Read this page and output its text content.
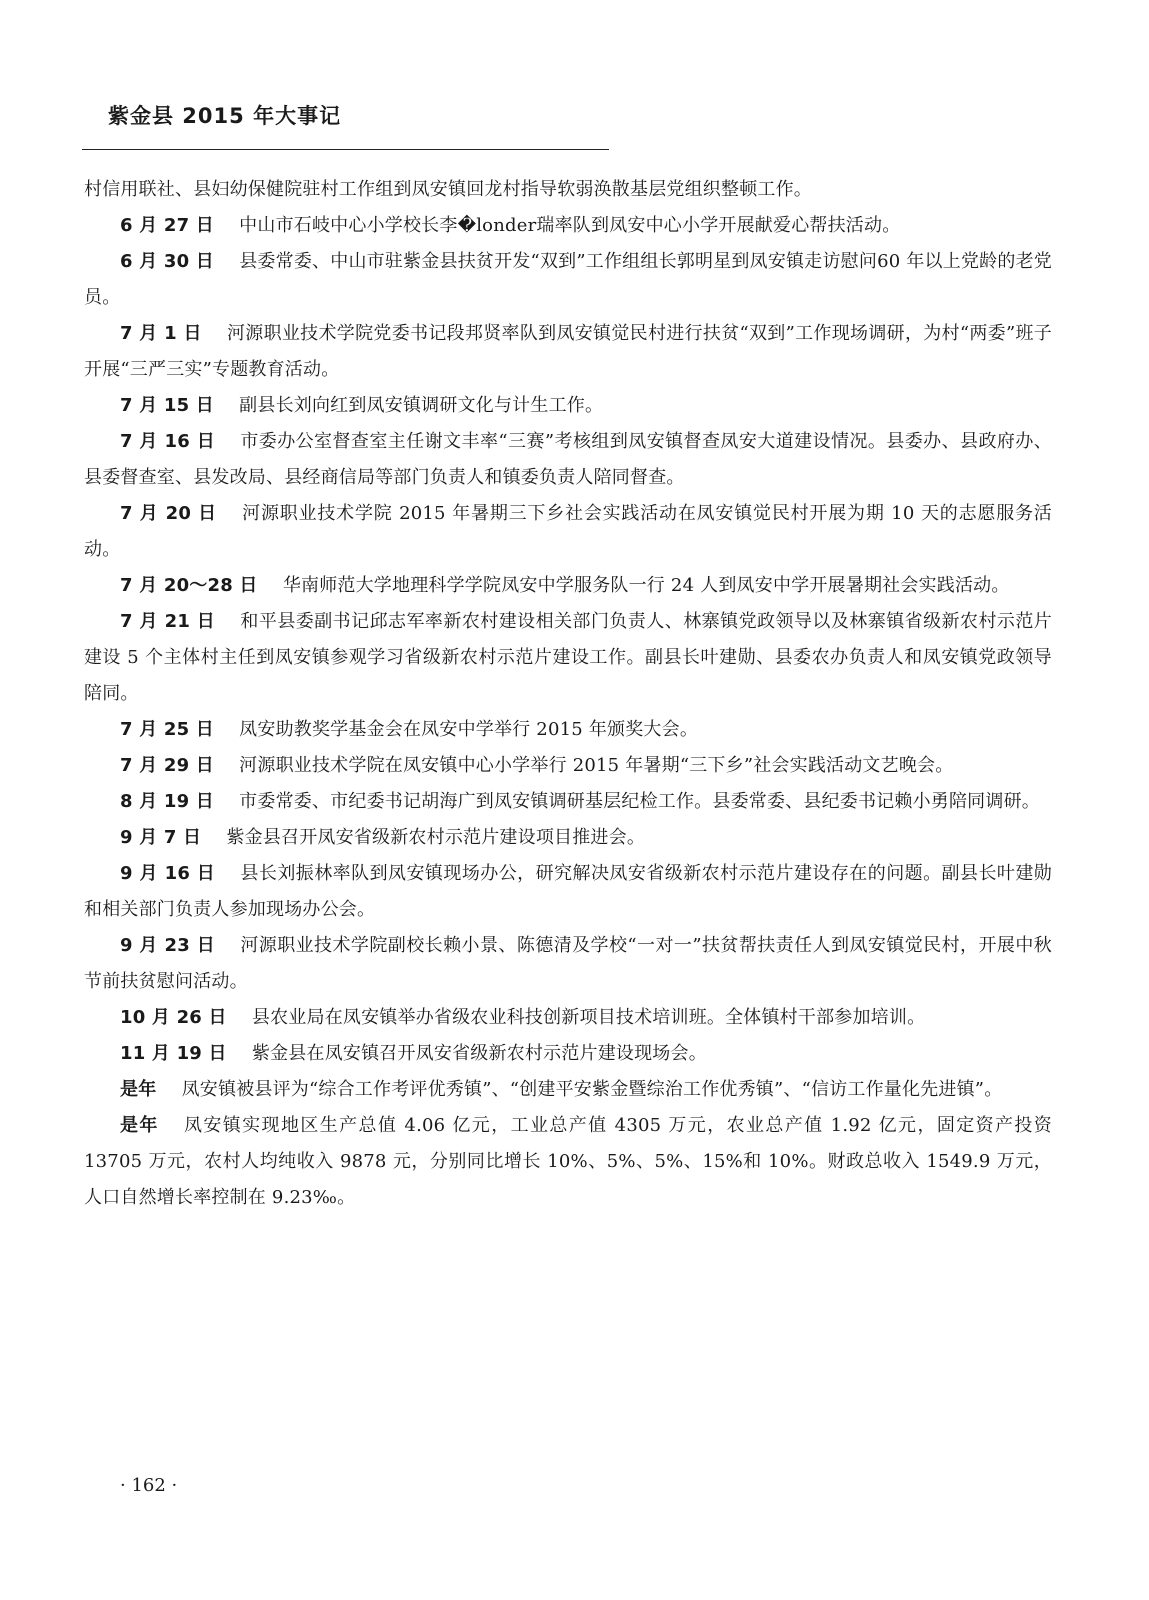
紫金县 2015 年大事记

村信用联社、县妇幼保健院驻村工作组到凤安镇回龙村指导软弱涣散基层党组织整顿工作。

6 月 27 日 中山市石岐中心小学校长李�londer瑞率队到凤安中心小学开展献爱心帮扶活动。

6 月 30 日 县委常委、中山市驻紫金县扶贫开发“双到”工作组组长郭明星到凤安镇走访慰问60 年以上党龄的老党员。

7 月 1 日 河源职业技术学院党委书记段邦贤率队到凤安镇觉民村进行扶贫“双到”工作现场调研，为村“两委”班子开展“三严三实”专题教育活动。

7 月 15 日 副县长刘向红到凤安镇调研文化与计生工作。

7 月 16 日 市委办公室督查室主任谢文丰率“三赛”考核组到凤安镇督查凤安大道建设情况。县委办、县政府办、县委督查室、县发改局、县经商信局等部门负责人和镇委负责人陪同督查。

7 月 20 日 河源职业技术学院 2015 年暑期三下乡社会实践活动在凤安镇觉民村开展为期 10 天的志愿服务活动。

7 月 20～28 日 华南师范大学地理科学学院凤安中学服务队一行 24 人到凤安中学开展暑期社会实践活动。

7 月 21 日 和平县委副书记邱志军率新农村建设相关部门负责人、林寨镇党政领导以及林寨镇省级新农村示范片建设 5 个主体村主任到凤安镇参观学习省级新农村示范片建设工作。副县长叶建勋、县委农办负责人和凤安镇党政领导陪同。

7 月 25 日 凤安助教奖学基金会在凤安中学举行 2015 年颁奖大会。

7 月 29 日 河源职业技术学院在凤安镇中心小学举行 2015 年暑期“三下乡”社会实践活动文艺晚会。

8 月 19 日 市委常委、市纪委书记胡海广到凤安镇调研基层纪检工作。县委常委、县纪委书记赖小勇陪同调研。

9 月 7 日 紫金县召开凤安省级新农村示范片建设项目推进会。

9 月 16 日 县长刘振林率队到凤安镇现场办公，研究解决凤安省级新农村示范片建设存在的问题。副县长叶建勋和相关部门负责人参加现场办公会。

9 月 23 日 河源职业技术学院副校长赖小景、陈德清及学校“一对一”扶贫帮扶责任人到凤安镇觉民村，开展中秋节前扶贫慰问活动。

10 月 26 日 县农业局在凤安镇举办省级农业科技创新项目技术培训班。全体镇村干部参加培训。

11 月 19 日 紫金县在凤安镇召开凤安省级新农村示范片建设现场会。

是年 凤安镇被县评为“综合工作考评优秀镇”、“创建平安紫金暨综治工作优秀镇”、“信访工作量化先进镇”。

是年 凤安镇实现地区生产总值 4.06 亿元，工业总产值 4305 万元，农业总产值 1.92 亿元，固定资产投资 13705 万元，农村人均纯收入 9878 元，分别同比增长 10%、5%、5%、15%和 10%。财政总收入 1549.9 万元，人口自然增长率控制在 9.23‰。

· 162 ·
